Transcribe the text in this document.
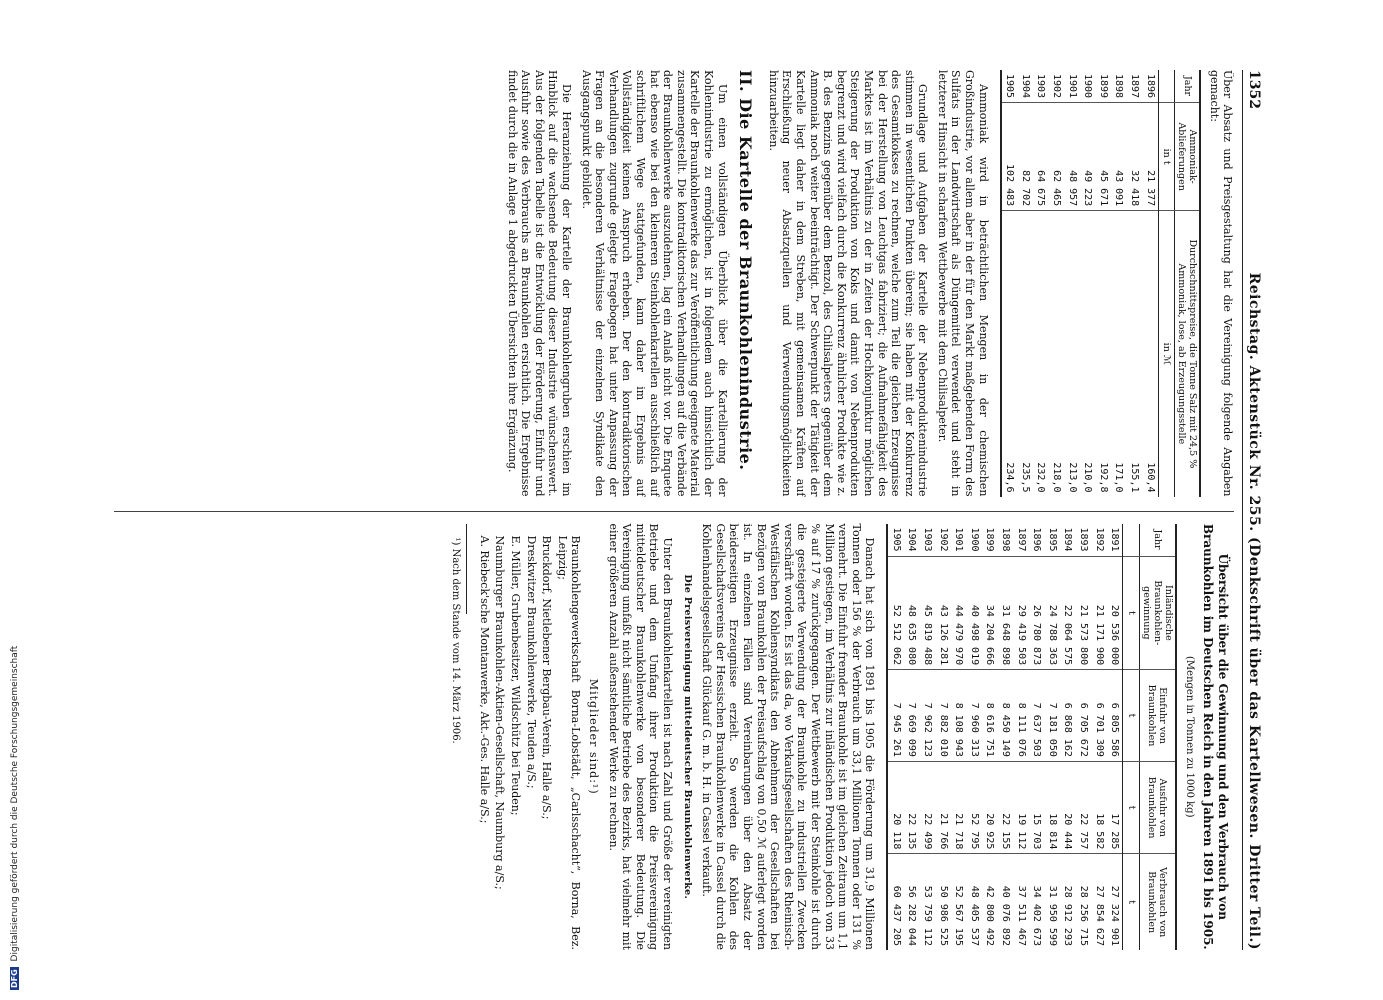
DFG Digitalisierung gefördert durch die Deutsche Forschungsgemeinschaft
1352
Reichstag. Aktenstück Nr. 255. (Denkschrift über das Kartellwesen. Dritter Teil.)

Über Absatz und Preisgestaltung hat die Vereinigung folgende Angaben gemacht:

Jahr	Ammoniak-Ablieferungen	Durchschnittspreise, die Tonne Salz mit 24,5 % Ammoniak, lose, ab Erzeugungsstelle
	in t	in ℳ
1896	21 377	160,4
1897	32 418	155,1
1898	43 091	171,0
1899	45 671	192,8
1900	49 223	210,0
1901	48 957	213,0
1902	62 465	218,0
1903	64 675	232,0
1904	82 702	235,5
1905	102 483	234,6

Ammoniak wird in beträchtlichen Mengen in der chemischen Großindustrie, vor allem aber in der für den Markt maßgebenden Form des Sulfats in der Landwirtschaft als Düngemittel verwendet und steht in letzterer Hinsicht in scharfem Wettbewerbe mit dem Chilisalpeter.

Grundlage und Aufgaben der Kartelle der Nebenproduktenindustrie stimmen in wesentlichen Punkten überein; sie haben mit der Konkurrenz des Gesamtkokses zu rechnen, welche zum Teil die gleichen Erzeugnisse bei der Herstellung von Leuchtgas fabriziert; die Aufnahmefähigkeit des Marktes ist im Verhältnis zu der in Zeiten der Hochkonjunktur möglichen Steigerung der Produktion von Koks und damit von Nebenprodukten begrenzt und wird vielfach durch die Konkurrenz ähnlicher Produkte wie z. B. des Benzins gegenüber dem Benzol, des Chilisalpeters gegenüber dem Ammoniak noch weiter beeinträchtigt. Der Schwerpunkt der Tätigkeit der Kartelle liegt daher in dem Streben, mit gemeinsamen Kräften auf Erschließung neuer Absatzquellen und Verwendungsmöglichkeiten hinzuarbeiten.

II. Die Kartelle der Braunkohlenindustrie.

Um einen vollständigen Überblick über die Kartellierung der Kohlenindustrie zu ermöglichen, ist in folgendem auch hinsichtlich der Kartelle der Braunkohlenwerke das zur Veröffentlichung geeignete Material zusammengestellt. Die kontradiktorischen Verhandlungen auf die Verbände der Braunkohlenwerke auszudehnen, lag ein Anlaß nicht vor. Die Enquete hat ebenso wie bei den kleineren Steinkohlenkartellen ausschließlich auf schriftlichem Wege stattgefunden, kann daher im Ergebnis auf Vollständigkeit keinen Anspruch erheben. Der den kontradiktorischen Verhandlungen zugrunde gelegte Fragebogen hat unter Anpassung der Fragen an die besonderen Verhältnisse der einzelnen Syndikate den Ausgangspunkt gebildet.

Die Heranziehung der Kartelle der Braunkohlengruben erschien im Hinblick auf die wachsende Bedeutung dieser Industrie wünschenswert. Aus der folgenden Tabelle ist die Entwicklung der Förderung, Einfuhr und Ausfuhr sowie des Verbrauchs an Braunkohlen ersichtlich. Die Ergebnisse findet durch die in Anlage 1 abgedruckten Übersichten ihre Ergänzung.

Übersicht über die Gewinnung und den Verbrauch von Braunkohlen im Deutschen Reich in den Jahren 1891 bis 1905.
(Mengen in Tonnen zu 1000 kg)
Jahr	Inländische Braunkohlen-gewinnung	Einfuhr von Braunkohlen	Ausfuhr von Braunkohlen	Verbrauch von Braunkohlen
	t	t	t	t
1891	20 536 000	6 805 586	17 285	27 324 901
1892	21 171 900	6 701 309	18 582	27 854 627
1893	21 573 800	6 705 672	22 757	28 256 715
1894	22 064 575	6 868 162	20 444	28 912 293
1895	24 788 363	7 181 050	18 814	31 950 599
1896	26 780 873	7 637 503	15 703	34 402 673
1897	29 419 503	8 111 076	19 112	37 511 467
1898	31 648 898	8 450 149	22 155	40 076 892
1899	34 204 666	8 616 751	20 925	42 800 492
1900	40 498 019	7 960 313	52 795	48 405 537
1901	44 479 970	8 108 943	21 718	52 567 195
1902	43 126 281	7 882 010	21 766	50 986 525
1903	45 819 488	7 962 123	22 499	53 759 112
1904	48 635 080	7 669 099	22 135	56 282 044
1905	52 512 062	7 945 261	20 118	60 437 205

Danach hat sich von 1891 bis 1905 die Förderung um 31,9 Millionen Tonnen oder 156 % der Verbrauch um 33,1 Millionen Tonnen oder 131 % vermehrt. Die Einfuhr fremder Braunkohle ist im gleichen Zeitraum um 1,1 Million gestiegen, im Verhältnis zur inländischen Produktion jedoch von 33 % auf 17 % zurückgegangen. Der Wettbewerb mit der Steinkohle ist durch die gesteigerte Verwendung der Braunkohle zu industriellen Zwecken verschärft worden. Es ist das da, wo Verkaufsgesellschaften des Rheinisch-Westfälischen Kohlensyndikats den Abnehmern der Gesellschaften bei Bezügen von Braunkohlen der Preisaufschlag von 0,50 ℳ auferlegt worden ist. In einzelnen Fällen sind Vereinbarungen über den Absatz der beiderseitigen Erzeugnisse erzielt. So werden die Kohlen des Gesellschaftsvereins der Hessischen Braunkohlenwerke in Cassel durch die Kohlenhandelsgesellschaft Glückauf G. m. b. H. in Cassel verkauft.

Die Preisvereinigung mitteldeutscher Braunkohlenwerke.

Unter den Braunkohlenkartellen ist nach Zahl und Größe der vereinigten Betriebe und dem Umfang ihrer Produktion die Preisvereinigung mitteldeutscher Braunkohlenwerke von besonderer Bedeutung. Die Vereinigung umfaßt nicht sämtliche Betriebe des Bezirks, hat vielmehr mit einer größeren Anzahl außenstehender Werke zu rechnen.

Mitglieder sind:¹)

Braunkohlengewerkschaft Borna-Lobstädt, „Carlsschacht“, Borna, Bez. Leipzig;

Bruckdorf, Nietlebener Bergbau-Verein, Halle a/S.;

Dreskwitzer Braunkohlenwerke, Teuden a/S.;

E. Müller, Grubenbesitzer, Wildschütz bei Teuden;

Naumburger Braunkohlen-Aktien-Gesellschaft, Naumburg a/S.;

A. Riebeck'sche Montanwerke, Akt.-Ges. Halle a/S.;

¹) Nach dem Stande vom 14. März 1906.
